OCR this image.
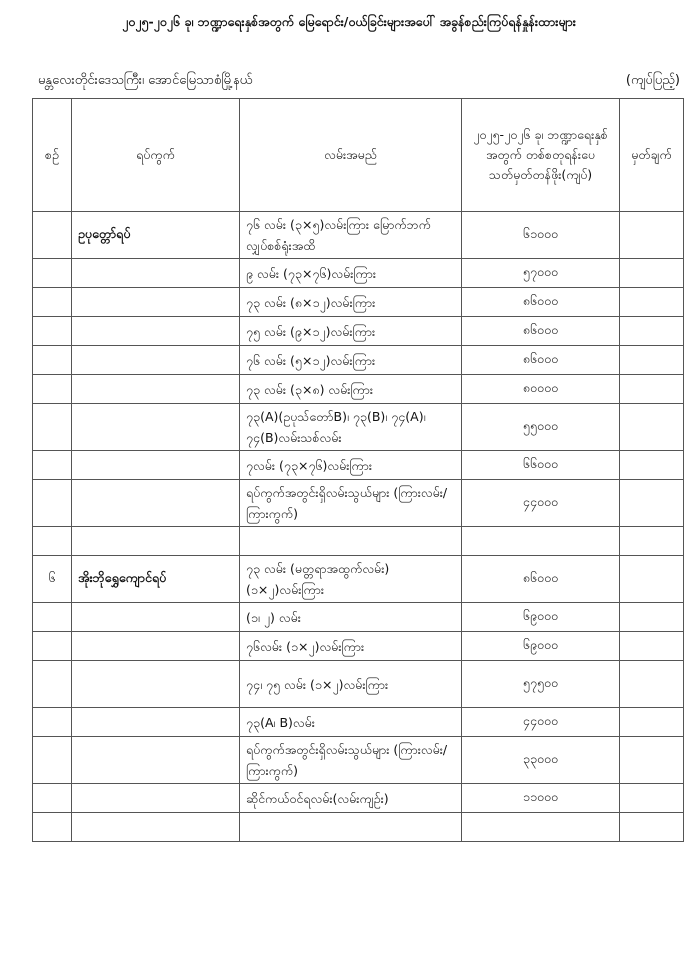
၂၀၂၅-၂၀၂၆ ခု၊ ဘဏ္ဍာရေးနှစ်အတွက် မြေရောင်း/ဝယ်ခြင်းများအပေါ် အခွန်စည်းကြပ်ရန်နှုန်းထားများ
မန္တလေးတိုင်းဒေသကြီး၊ အောင်မြေသာစံမြို့နယ်	(ကျပ်ပြည့်)
စဉ်	ရပ်ကွက်	လမ်းအမည်	၂၀၂၅-၂၀၂၆ ခု၊ ဘဏ္ဍာရေးနှစ်အတွက် တစ်စတုရန်းပေ သတ်မှတ်တန်ဖိုး(ကျပ်)	မှတ်ချက်
	ဥပုတ္တော်ရပ်	၇၆ လမ်း (၃×၅)လမ်းကြား မြောက်ဘက်လျှပ်စစ်ရုံးအထိ	၆၁၀၀၀	
		၉ လမ်း (၇၃×၇၆)လမ်းကြား	၅၇၀၀၀	
		၇၃ လမ်း (၈×၁၂)လမ်းကြား	၈၆၀၀၀	
		၇၅ လမ်း (၉×၁၂)လမ်းကြား	၈၆၀၀၀	
		၇၆ လမ်း (၅×၁၂)လမ်းကြား	၈၆၀၀၀	
		၇၃ လမ်း (၃×၈) လမ်းကြား	၈၀၀၀၀	
		၇၃(A)(ဥပုသ်တော်B)၊ ၇၃(B)၊ ၇၄(A)၊ ၇၄(B)လမ်းသစ်လမ်း	၅၅၀၀၀	
		၇လမ်း (၇၃×၇၆)လမ်းကြား	၆၆၀၀၀	
		ရပ်ကွက်အတွင်းရှိလမ်းသွယ်များ (ကြားလမ်း/ကြားကွက်)	၄၄၀၀၀	

၆	အိုးဘိုရွှေကျောင်ရပ်	၇၃ လမ်း (မတ္တရာအထွက်လမ်း) (၁×၂)လမ်းကြား	၈၆၀၀၀	
		(၁၊ ၂) လမ်း	၆၉၀၀၀	
		၇၆လမ်း (၁×၂)လမ်းကြား	၆၉၀၀၀	
		၇၄၊ ၇၅ လမ်း (၁×၂)လမ်းကြား	၅၇၅၀၀	
		၇၃(A၊ B)လမ်း	၄၄၀၀၀	
		ရပ်ကွက်အတွင်းရှိလမ်းသွယ်များ (ကြားလမ်း/ကြားကွက်)	၃၃၀၀၀	
		ဆိုင်ကယ်ဝင်ရလမ်း(လမ်းကျဉ်း)	၁၁၀၀၀	
